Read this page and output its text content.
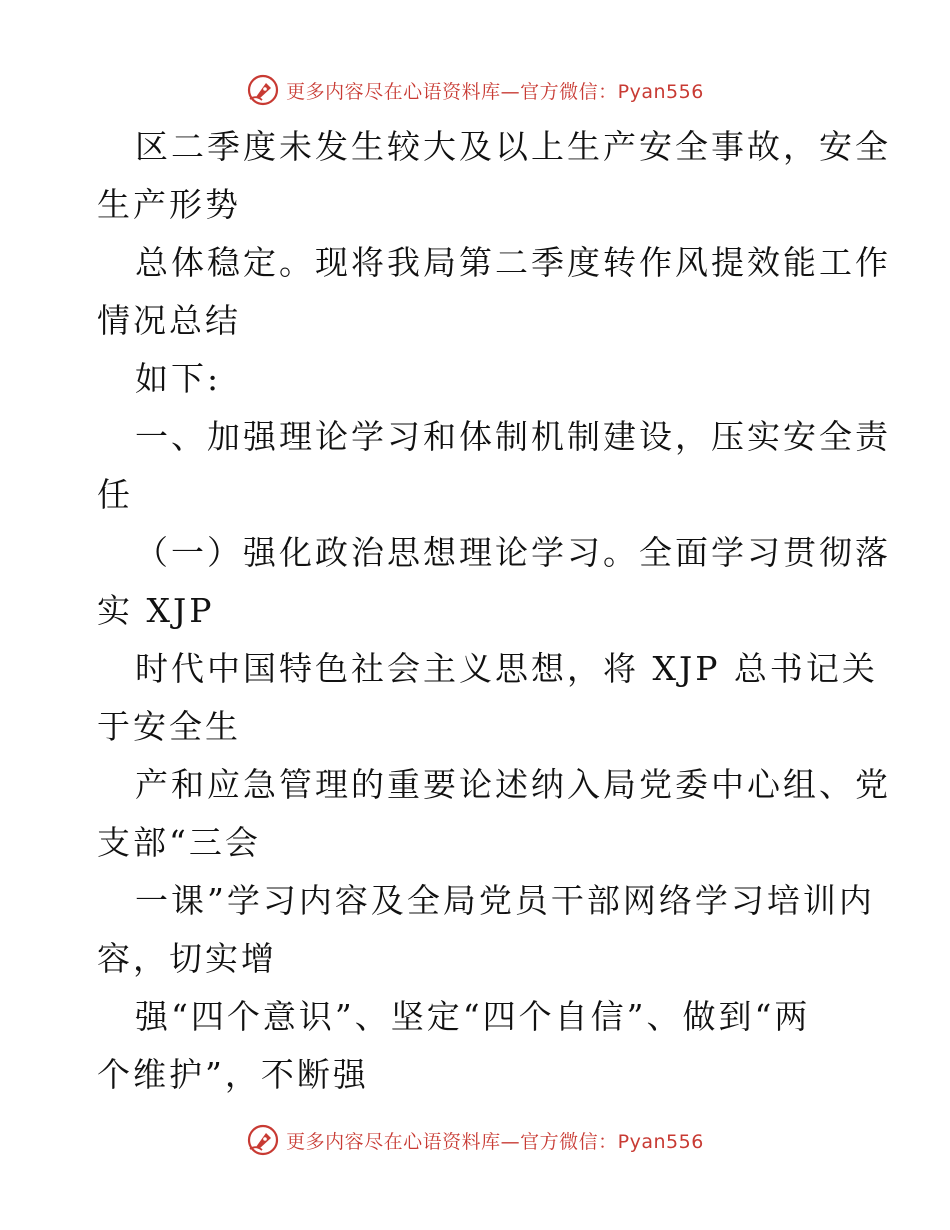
更多内容尽在心语资料库—官方微信：Pyan556
区二季度未发生较大及以上生产安全事故，安全
生产形势
总体稳定。现将我局第二季度转作风提效能工作
情况总结
如下:
一、加强理论学习和体制机制建设，压实安全责
任
（一）强化政治思想理论学习。全面学习贯彻落
实 XJP
时代中国特色社会主义思想，将 XJP 总书记关
于安全生
产和应急管理的重要论述纳入局党委中心组、党
支部“三会
一课”学习内容及全局党员干部网络学习培训内
容，切实增
强“四个意识”、坚定“四个自信”、做到“两
个维护”，不断强
更多内容尽在心语资料库—官方微信：Pyan556
